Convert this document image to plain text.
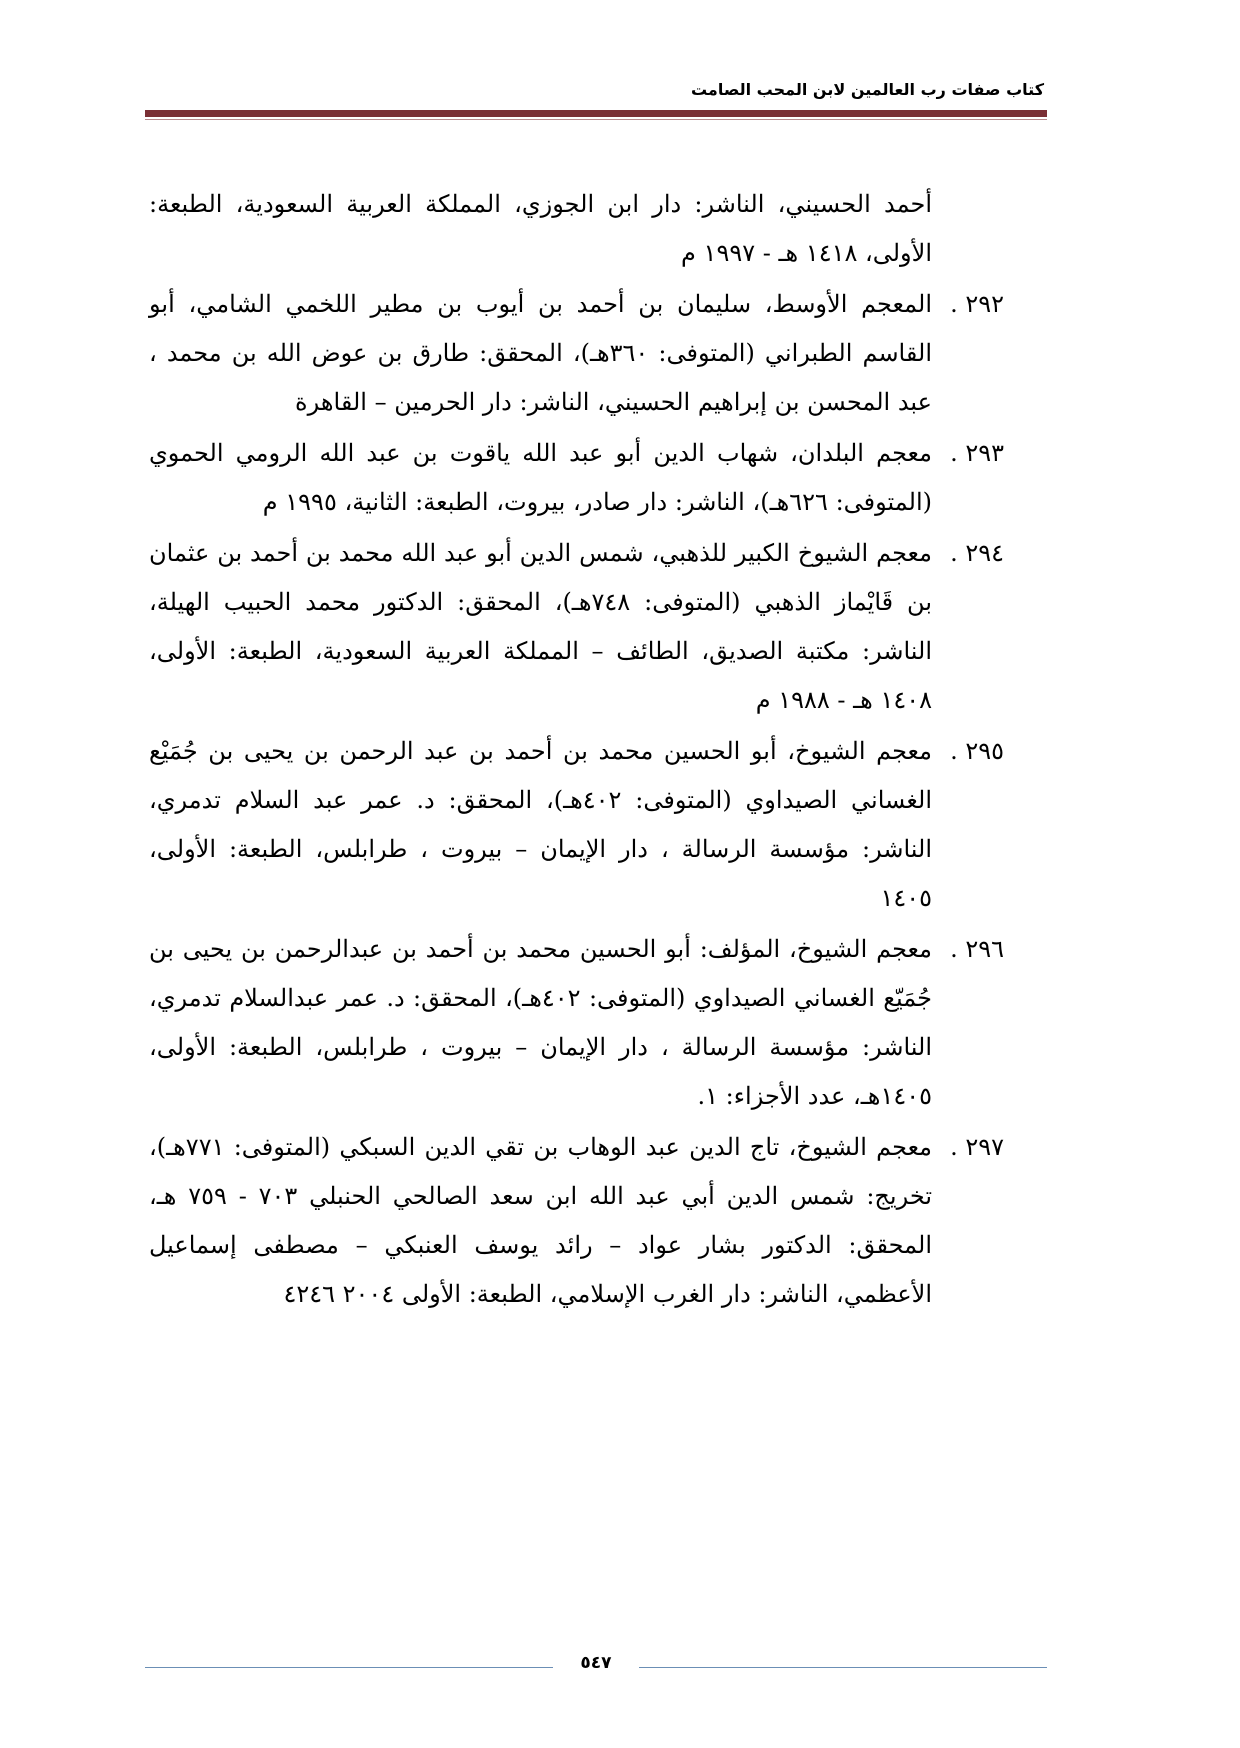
كتاب صفات رب العالمين لابن المحب الصامت
أحمد الحسيني، الناشر: دار ابن الجوزي، المملكة العربية السعودية، الطبعة: الأولى، ١٤١٨ هـ - ١٩٩٧ م
٢٩٢ .
المعجم الأوسط، سليمان بن أحمد بن أيوب بن مطير اللخمي الشامي، أبو القاسم الطبراني (المتوفى: ٣٦٠هـ)، المحقق: طارق بن عوض الله بن محمد ، عبد المحسن بن إبراهيم الحسيني، الناشر: دار الحرمين – القاهرة
٢٩٣ .
معجم البلدان، شهاب الدين أبو عبد الله ياقوت بن عبد الله الرومي الحموي (المتوفى: ٦٢٦هـ)، الناشر: دار صادر، بيروت، الطبعة: الثانية، ١٩٩٥ م
٢٩٤ .
معجم الشيوخ الكبير للذهبي، شمس الدين أبو عبد الله محمد بن أحمد بن عثمان بن قَايْماز الذهبي (المتوفى: ٧٤٨هـ)، المحقق: الدكتور محمد الحبيب الهيلة، الناشر: مكتبة الصديق، الطائف – المملكة العربية السعودية، الطبعة: الأولى، ١٤٠٨ هـ - ١٩٨٨ م
٢٩٥ .
معجم الشيوخ، أبو الحسين محمد بن أحمد بن عبد الرحمن بن يحيى بن جُمَيْع الغساني الصيداوي (المتوفى: ٤٠٢هـ)، المحقق: د. عمر عبد السلام تدمري، الناشر: مؤسسة الرسالة ، دار الإيمان – بيروت ، طرابلس، الطبعة: الأولى، ١٤٠٥
٢٩٦ .
معجم الشيوخ، المؤلف: أبو الحسين محمد بن أحمد بن عبدالرحمن بن يحيى بن جُمَيّع الغساني الصيداوي (المتوفى: ٤٠٢هـ)، المحقق: د. عمر عبدالسلام تدمري، الناشر: مؤسسة الرسالة ، دار الإيمان – بيروت ، طرابلس، الطبعة: الأولى، ١٤٠٥هـ، عدد الأجزاء: ١.
٢٩٧ .
معجم الشيوخ، تاج الدين عبد الوهاب بن تقي الدين السبكي (المتوفى: ٧٧١هـ)، تخريج: شمس الدين أبي عبد الله ابن سعد الصالحي الحنبلي ٧٠٣ - ٧٥٩ هـ، المحقق: الدكتور بشار عواد – رائد يوسف العنبكي – مصطفى إسماعيل الأعظمي، الناشر: دار الغرب الإسلامي، الطبعة: الأولى ٢٠٠٤ ٤٢٤٦
٥٤٧
